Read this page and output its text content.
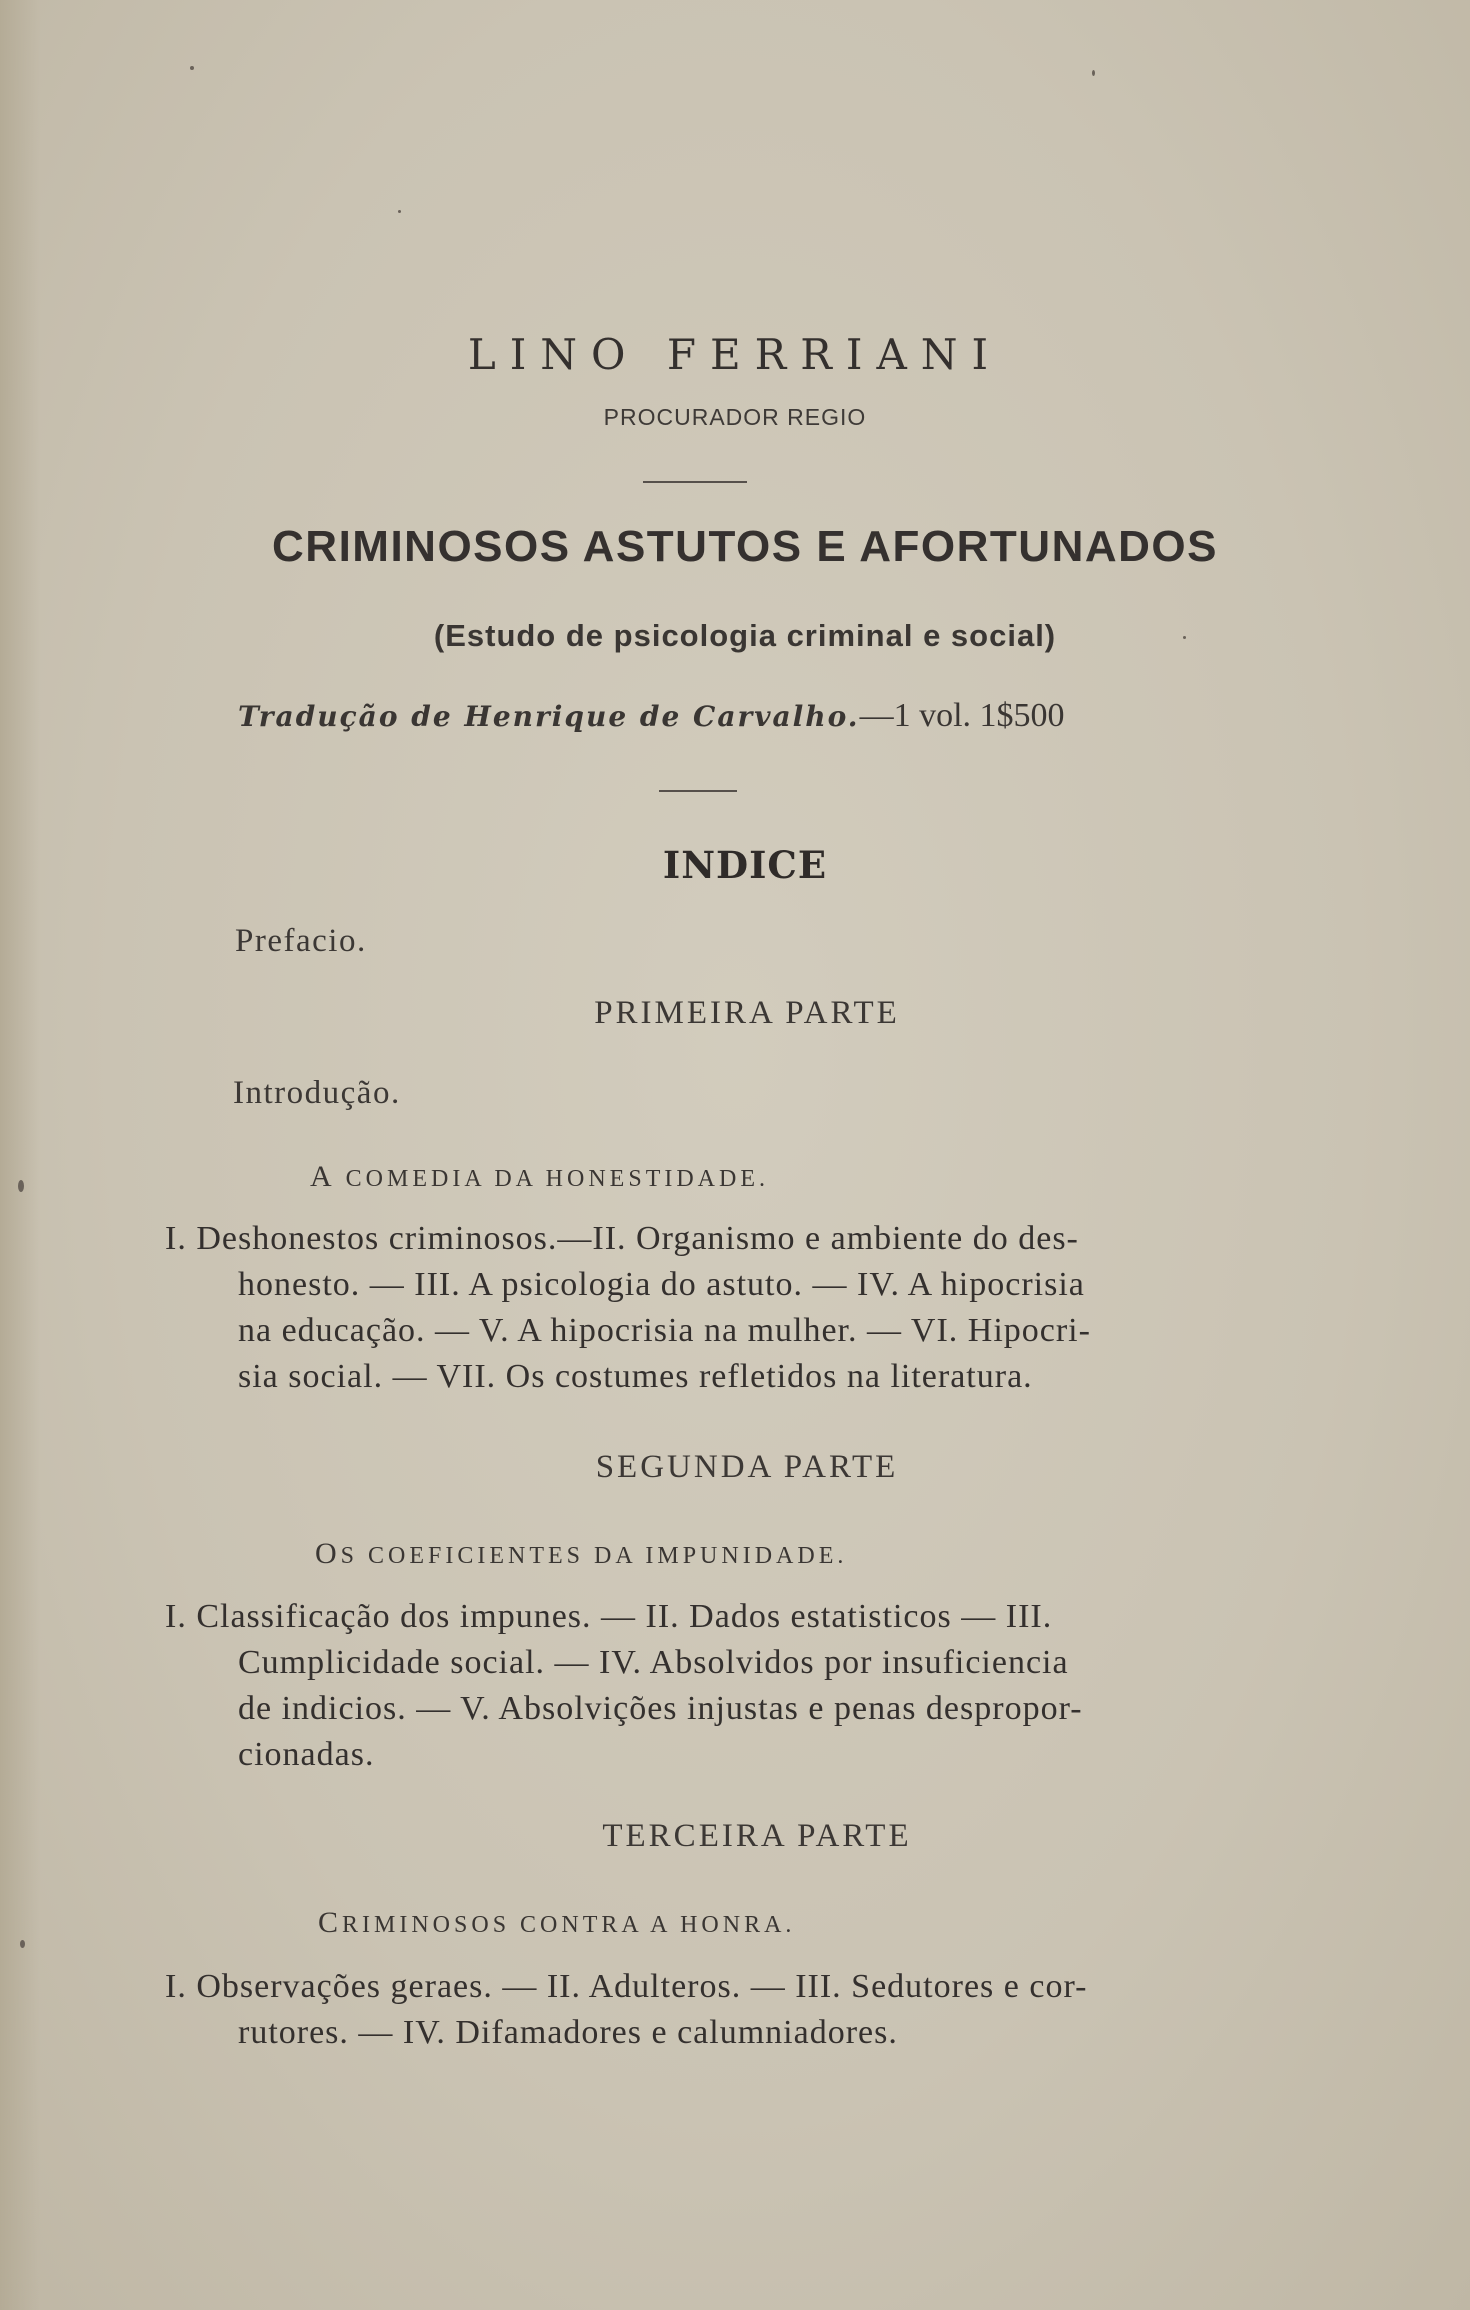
LINO FERRIANI
PROCURADOR REGIO
CRIMINOSOS ASTUTOS E AFORTUNADOS
(Estudo de psicologia criminal e social)
Tradução de Henrique de Carvalho.—1 vol. 1$500
INDICE
Prefacio.
PRIMEIRA PARTE
Introdução.
A COMEDIA DA HONESTIDADE.
I. Deshonestos criminosos.—II. Organismo e ambiente do des-
honesto. — III. A psicologia do astuto. — IV. A hipocrisia
na educação. — V. A hipocrisia na mulher. — VI. Hipocri-
sia social. — VII. Os costumes refletidos na literatura.
SEGUNDA PARTE
OS COEFICIENTES DA IMPUNIDADE.
I. Classificação dos impunes. — II. Dados estatisticos — III.
Cumplicidade social. — IV. Absolvidos por insuficiencia
de indicios. — V. Absolvições injustas e penas despropor-
cionadas.
TERCEIRA PARTE
CRIMINOSOS CONTRA A HONRA.
I. Observações geraes. — II. Adulteros. — III. Sedutores e cor-
rutores. — IV. Difamadores e calumniadores.
